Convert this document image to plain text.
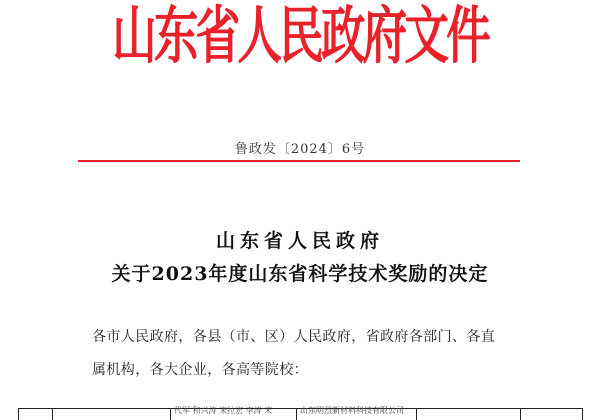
山东省人民政府文件
鲁政发〔2024〕6号
山东省人民政府
关于2023年度山东省科学技术奖励的决定

各市人民政府，各县（市、区）人民政府，省政府各部门、各直

属机构，各大企业，各高等院校：

代军 和兴涛 宋拉宏 李涛 宋	山东明烈新材料科技有限公司
